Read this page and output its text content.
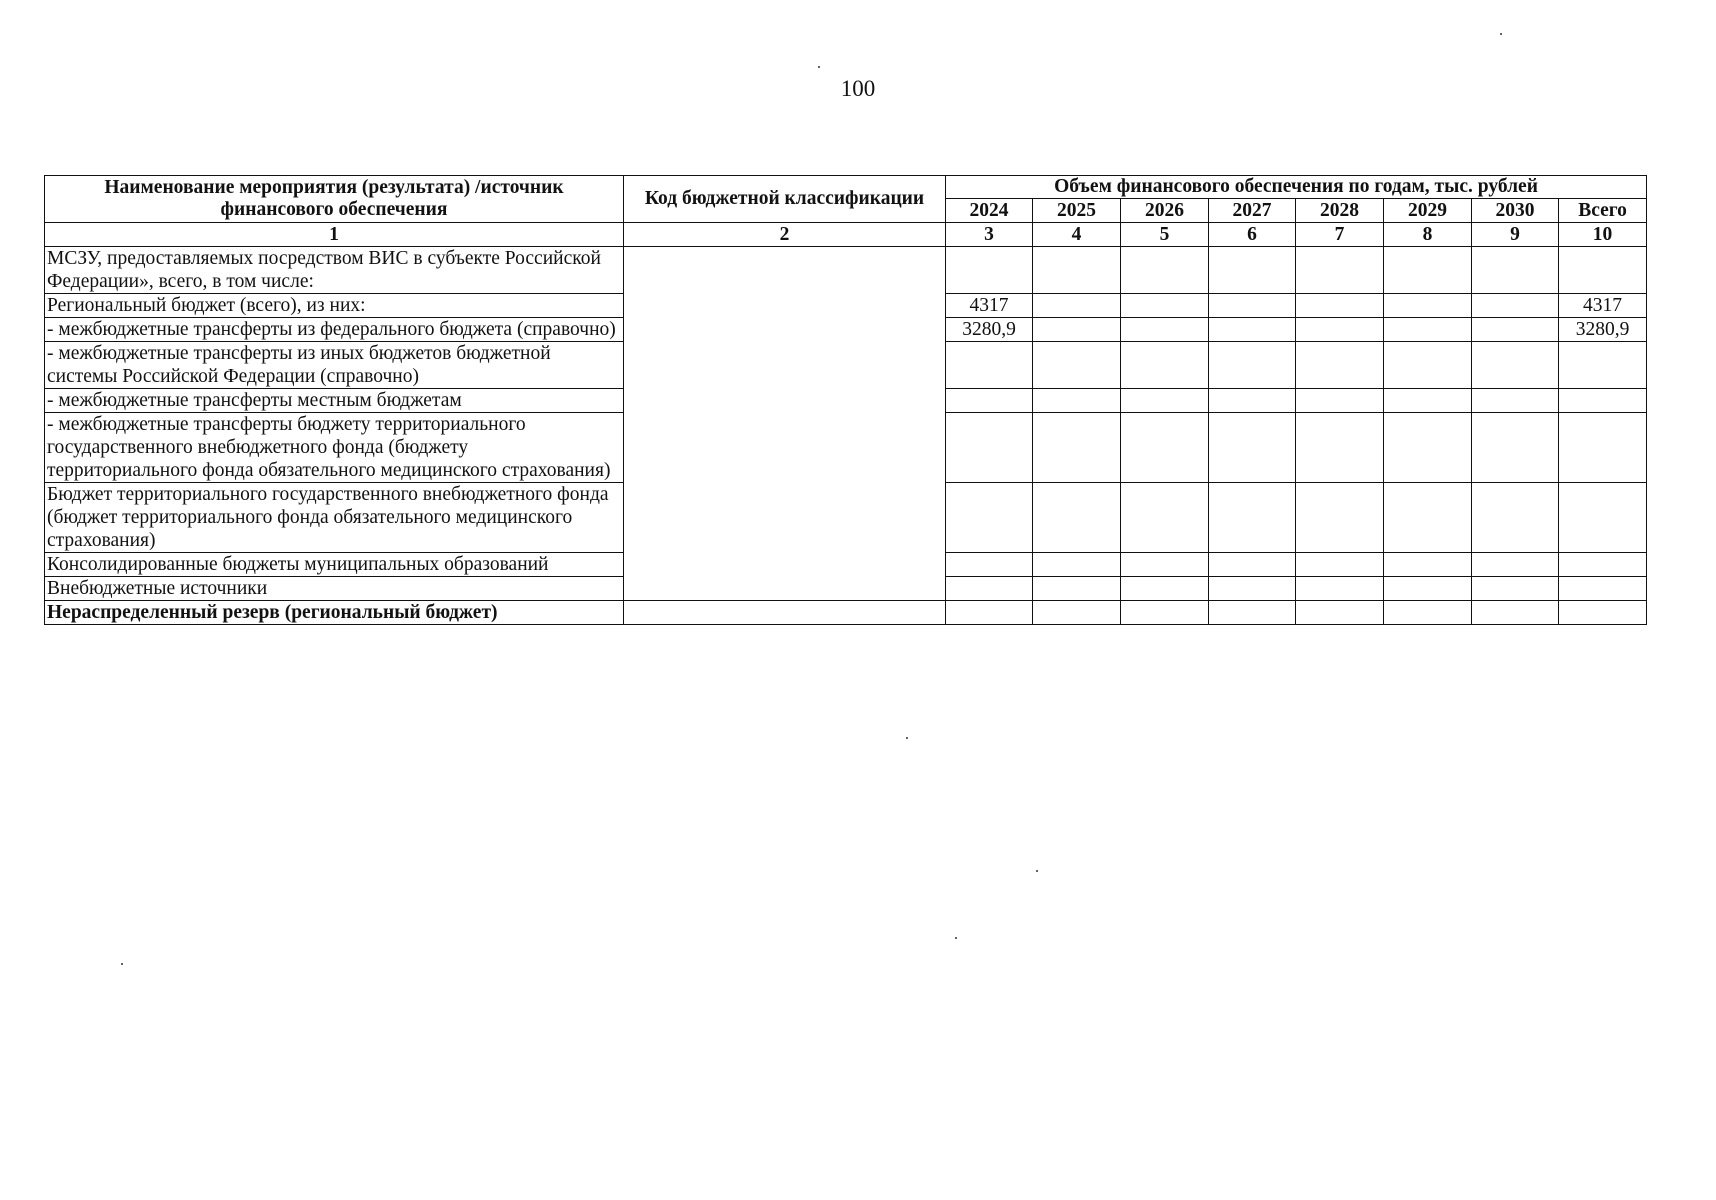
100
Наименование мероприятия (результата) /источник финансового обеспечения	Код бюджетной классификации	Объем финансового обеспечения по годам, тыс. рублей							
		2024	2025	2026	2027	2028	2029	2030	Всего
1	2	3	4	5	6	7	8	9	10
МСЗУ, предоставляемых посредством ВИС в субъекте Российской Федерации», всего, в том числе:									
Региональный бюджет (всего), из них:		4317							4317
- межбюджетные трансферты из федерального бюджета (справочно)		3280,9							3280,9
- межбюджетные трансферты из иных бюджетов бюджетной системы Российской Федерации (справочно)									
- межбюджетные трансферты местным бюджетам									
- межбюджетные трансферты бюджету территориального государственного внебюджетного фонда (бюджету территориального фонда обязательного медицинского страхования)									
Бюджет территориального государственного внебюджетного фонда (бюджет территориального фонда обязательного медицинского страхования)									
Консолидированные бюджеты муниципальных образований									
Внебюджетные источники									
Нераспределенный резерв (региональный бюджет)									
